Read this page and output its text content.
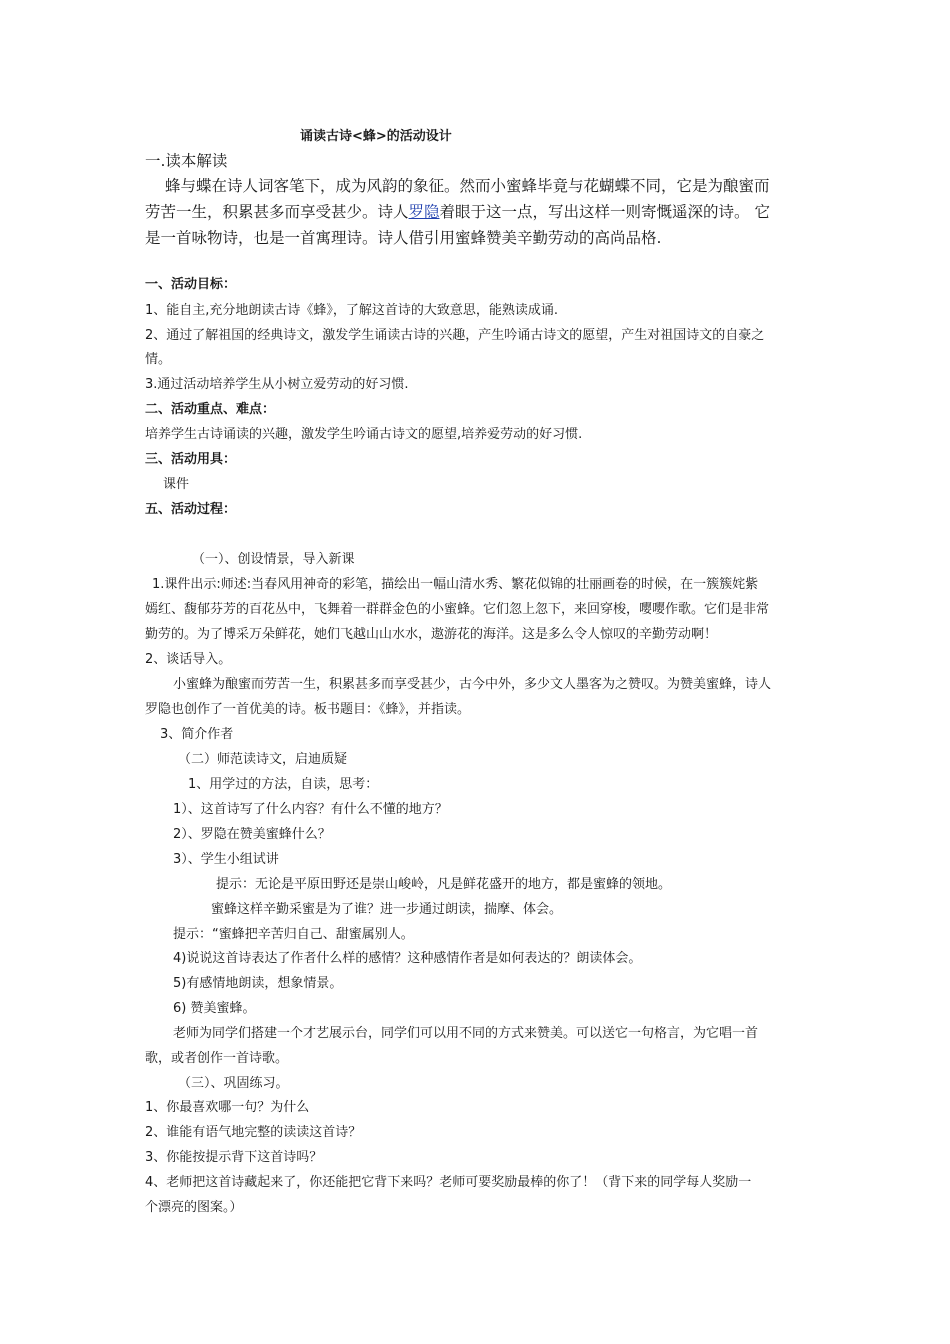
诵读古诗<蜂>的活动设计
一.读本解读
蜂与蝶在诗人词客笔下，成为风韵的象征。然而小蜜蜂毕竟与花蝴蝶不同，它是为酿蜜而
劳苦一生，积累甚多而享受甚少。诗人罗隐着眼于这一点，写出这样一则寄慨遥深的诗。 它
是一首咏物诗，也是一首寓理诗。诗人借引用蜜蜂赞美辛勤劳动的高尚品格.
一、活动目标：
1、能自主,充分地朗读古诗《蜂》，了解这首诗的大致意思，能熟读成诵.
2、通过了解祖国的经典诗文，激发学生诵读古诗的兴趣，产生吟诵古诗文的愿望，产生对祖国诗文的自豪之
情。
3.通过活动培养学生从小树立爱劳动的好习惯.
二、活动重点、难点：
培养学生古诗诵读的兴趣，激发学生吟诵古诗文的愿望,培养爱劳动的好习惯.
三、活动用具：
课件
五、活动过程：
（一）、创设情景，导入新课
1.课件出示:师述:当春风用神奇的彩笔，描绘出一幅山清水秀、繁花似锦的壮丽画卷的时候，在一簇簇姹紫
嫣红、馥郁芬芳的百花丛中，飞舞着一群群金色的小蜜蜂。它们忽上忽下，来回穿梭，嘤嘤作歌。它们是非常
勤劳的。为了博采万朵鲜花，她们飞越山山水水，遨游花的海洋。这是多么令人惊叹的辛勤劳动啊！
2、谈话导入。
小蜜蜂为酿蜜而劳苦一生，积累甚多而享受甚少，古今中外，多少文人墨客为之赞叹。为赞美蜜蜂，诗人
罗隐也创作了一首优美的诗。板书题目：《蜂》，并指读。
3、简介作者
（二）师范读诗文，启迪质疑
1、用学过的方法，自读，思考：
1）、这首诗写了什么内容？有什么不懂的地方？
2）、罗隐在赞美蜜蜂什么？
3）、学生小组试讲
提示：无论是平原田野还是崇山峻岭，凡是鲜花盛开的地方，都是蜜蜂的领地。
蜜蜂这样辛勤采蜜是为了谁？进一步通过朗读，揣摩、体会。
提示：“蜜蜂把辛苦归自己、甜蜜属别人。
4)说说这首诗表达了作者什么样的感情？这种感情作者是如何表达的？朗读体会。
5)有感情地朗读，想象情景。
6) 赞美蜜蜂。
老师为同学们搭建一个才艺展示台，同学们可以用不同的方式来赞美。可以送它一句格言，为它唱一首
歌，或者创作一首诗歌。
（三）、巩固练习。
1、你最喜欢哪一句？为什么
2、谁能有语气地完整的读读这首诗？
3、你能按提示背下这首诗吗？
4、老师把这首诗藏起来了，你还能把它背下来吗？老师可要奖励最棒的你了！（背下来的同学每人奖励一
个漂亮的图案。）
